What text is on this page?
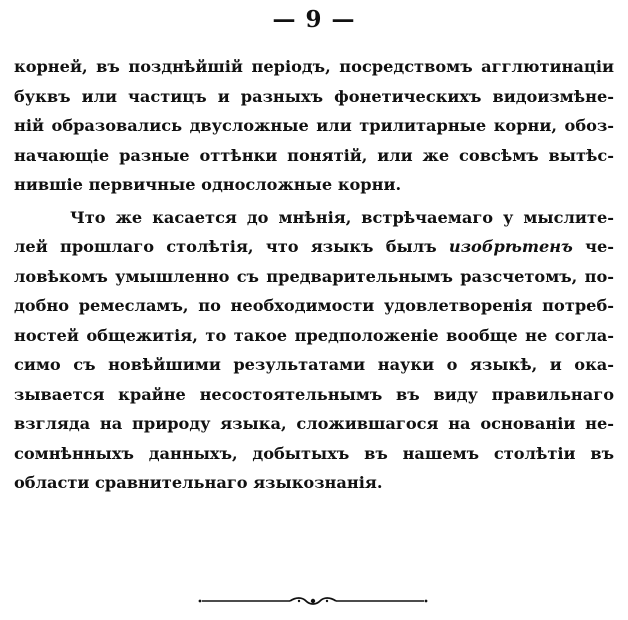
— 9 —
корней, въ позднѣйшій періодъ, посредствомъ агглютинаціи
буквъ или частицъ и разныхъ фонетическихъ видоизмѣне-
ній образовались двусложные или трилитарные корни, обоз-
начающіе разные оттѣнки понятій, или же совсѣмъ вытѣс-
нившіе первичные односложные корни.
Что же касается до мнѣнія, встрѣчаемаго у мыслите-
лей прошлаго столѣтія, что языкъ былъ изобрѣтенъ че-
ловѣкомъ умышленно съ предварительнымъ разсчетомъ, по-
добно ремесламъ, по необходимости удовлетворенія потреб-
ностей общежитія, то такое предположеніе вообще не согла-
симо съ новѣйшими результатами науки о языкѣ, и ока-
зывается крайне несостоятельнымъ въ виду правильнаго
взгляда на природу языка, сложившагося на основаніи не-
сомнѣнныхъ данныхъ, добытыхъ въ нашемъ столѣтіи въ
области сравнительнаго языкознанія.
